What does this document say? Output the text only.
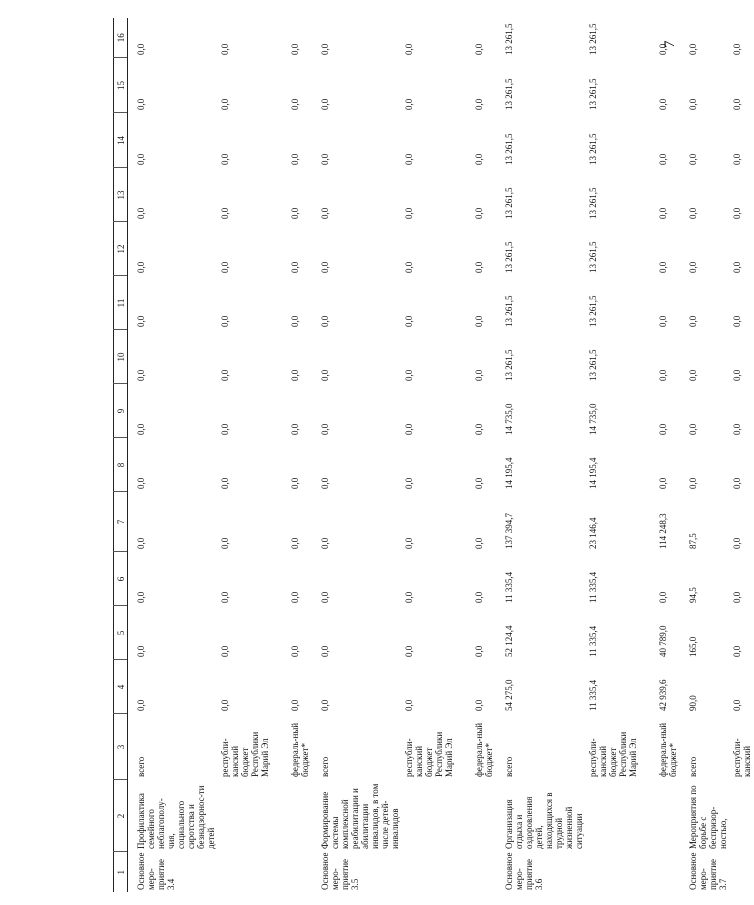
7
1	2	3	4	5	6	7	8	9	10	11	12	13	14	15	16
Основное меро-приятие 3.4	Профилактика семейного неблагополу-чия, социального сиротства и безнадзорнос-ти детей	всего	0,0	0,0	0,0	0,0	0,0	0,0	0,0	0,0	0,0	0,0	0,0	0,0	0,0
		республи-канский бюджет Республики Марий Эл	0,0	0,0	0,0	0,0	0,0	0,0	0,0	0,0	0,0	0,0	0,0	0,0	0,0
		федераль-ный бюджет*	0,0	0,0	0,0	0,0	0,0	0,0	0,0	0,0	0,0	0,0	0,0	0,0	0,0
Основное меро-приятие 3.5	Формирование системы комплексной реабилитации и абилитации инвалидов, в том числе детей-инвалидов	всего	0,0	0,0	0,0	0,0	0,0	0,0	0,0	0,0	0,0	0,0	0,0	0,0	0,0
		республи-канский бюджет Республики Марий Эл	0,0	0,0	0,0	0,0	0,0	0,0	0,0	0,0	0,0	0,0	0,0	0,0	0,0
		федераль-ный бюджет*	0,0	0,0	0,0	0,0	0,0	0,0	0,0	0,0	0,0	0,0	0,0	0,0	0,0
Основное меро-приятие 3.6	Организация отдыха и оздоровления детей, находящихся в трудной жизненной ситуации	всего	54 275,0	52 124,4	11 335,4	137 394,7	14 195,4	14 735,0	13 261,5	13 261,5	13 261,5	13 261,5	13 261,5	13 261,5	13 261,5
		республи-канский бюджет Республики Марий Эл	11 335,4	11 335,4	11 335,4	23 146,4	14 195,4	14 735,0	13 261,5	13 261,5	13 261,5	13 261,5	13 261,5	13 261,5	13 261,5
		федераль-ный бюджет*	42 939,6	40 789,0	0,0	114 248,3	0,0	0,0	0,0	0,0	0,0	0,0	0,0	0,0	0,0
Основное меро-приятие 3.7	Мероприятия по борьбе с беспризор-ностью,	всего	90,0	165,0	94,5	87,5	0,0	0,0	0,0	0,0	0,0	0,0	0,0	0,0	0,0
		республи-канский	0,0	0,0	0,0	0,0	0,0	0,0	0,0	0,0	0,0	0,0	0,0	0,0	0,0
